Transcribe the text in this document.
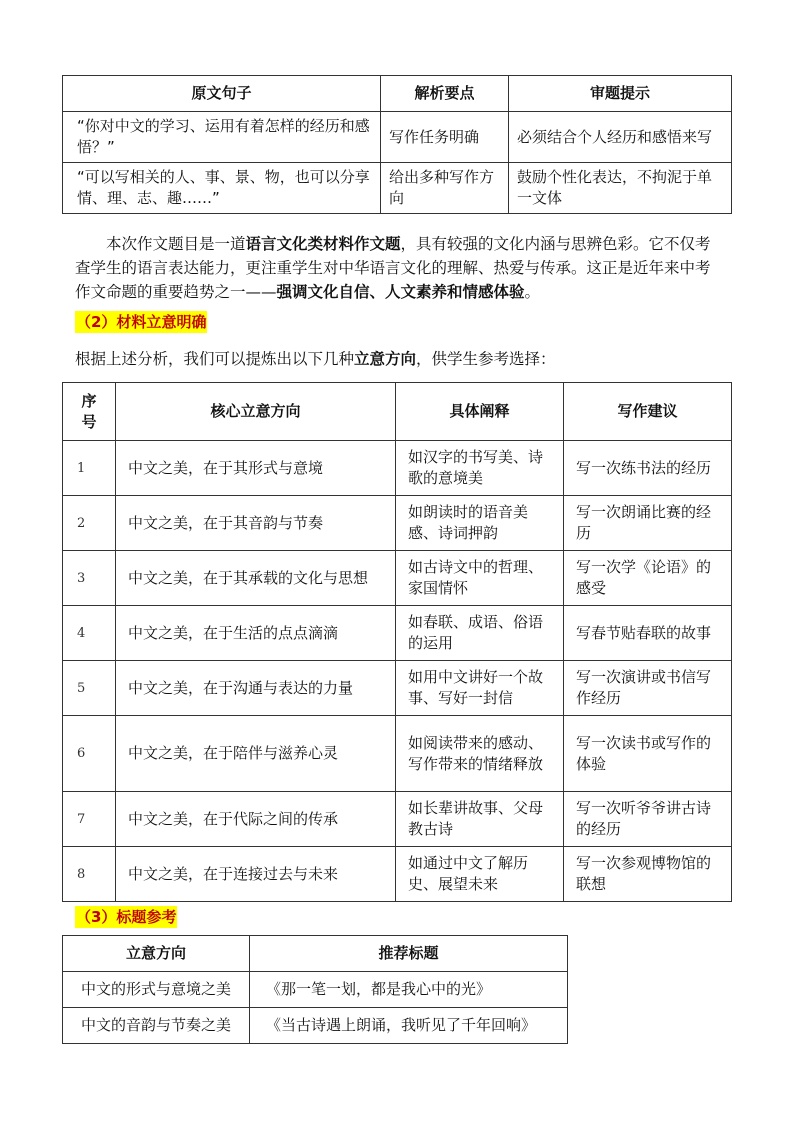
原文句子	解析要点	审题提示
“你对中文的学习、运用有着怎样的经历和感悟？”	写作任务明确	必须结合个人经历和感悟来写
“可以写相关的人、事、景、物，也可以分享情、理、志、趣……”	给出多种写作方向	鼓励个性化表达，不拘泥于单一文体

本次作文题目是一道语言文化类材料作文题，具有较强的文化内涵与思辨色彩。它不仅考查学生的语言表达能力，更注重学生对中华语言文化的理解、热爱与传承。这正是近年来中考作文命题的重要趋势之一——强调文化自信、人文素养和情感体验。

（2）材料立意明确
根据上述分析，我们可以提炼出以下几种立意方向，供学生参考选择：
序号	核心立意方向	具体阐释	写作建议
1	中文之美，在于其形式与意境	如汉字的书写美、诗歌的意境美	写一次练书法的经历
2	中文之美，在于其音韵与节奏	如朗读时的语音美感、诗词押韵	写一次朗诵比赛的经历
3	中文之美，在于其承载的文化与思想	如古诗文中的哲理、家国情怀	写一次学《论语》的感受
4	中文之美，在于生活的点点滴滴	如春联、成语、俗语的运用	写春节贴春联的故事
5	中文之美，在于沟通与表达的力量	如用中文讲好一个故事、写好一封信	写一次演讲或书信写作经历
6	中文之美，在于陪伴与滋养心灵	如阅读带来的感动、写作带来的情绪释放	写一次读书或写作的体验
7	中文之美，在于代际之间的传承	如长辈讲故事、父母教古诗	写一次听爷爷讲古诗的经历
8	中文之美，在于连接过去与未来	如通过中文了解历史、展望未来	写一次参观博物馆的联想
（3）标题参考
立意方向	推荐标题
中文的形式与意境之美	《那一笔一划，都是我心中的光》
中文的音韵与节奏之美	《当古诗遇上朗诵，我听见了千年回响》
